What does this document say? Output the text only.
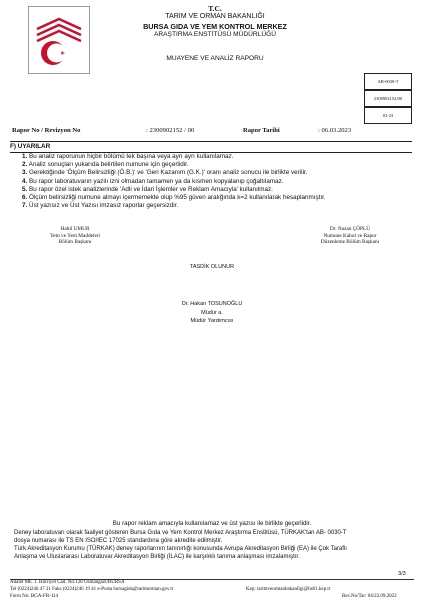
T.C.
TARIM VE ORMAN BAKANLIĞI
BURSA GIDA VE YEM KONTROL MERKEZ
ARAŞTIRMA ENSTİTÜSÜ MÜDÜRLÜĞÜ
MUAYENE VE ANALİZ RAPORU
AB-0030-T
2300902152/00
03-23
Rapor No / Revizyon No	: 2300902152 / 00	Rapor Tarihi	: 06.03.2023
F) UYARILAR
1. Bu analiz raporunun hiçbir bölümü tek başına veya ayrı ayrı kullanılamaz.
2. Analiz sonuçları yukarıda belirtilen numune için geçerlidir.
3. Gerektiğinde 'Ölçüm Belirsizliği (Ö.B.)' ve 'Geri Kazanım (G.K.)' oranı analiz sonucu ile birlikte verilir.
4. Bu rapor laboratuvarın yazılı izni olmadan tamamen ya da kısmen kopyalanıp çoğaltılamaz.
5. Bu rapor özel istek analizlerinde 'Adli ve İdari İşlemler ve Reklam Amacıyla' kullanılmaz.
6. Ölçüm belirsizliği numune almayı içermemekte olup %95 güven aralığında k=2 kullanılarak hesaplanmıştır.
7. Üst yazısız ve Üst Yazısı imzasız raporlar geçersizdir.
Habil UMUR
Yem ve Yem Maddeleri
Bölüm Başkanı
Dr. Nazan ÇÖPLÜ
Numune Kabul ve Rapor
Düzenleme Bölüm Başkanı
TASDİK OLUNUR
Dr. Hakan TOSUNOĞLU
Müdür a.
Müdür Yardımcısı
Bu rapor reklam amacıyla kullanılamaz ve üst yazısı ile birlikte geçerlidir.
Deney laboratuvarı olarak faaliyet gösteren Bursa Gıda ve Yem Kontrol Merkez Araştırma Enstitüsü, TÜRKAK'tan AB- 0030-T
dosya numarası ile TS EN ISO/IEC 17025 standardına göre akredite edilmiştir.
Türk Akreditasyon Kurumu (TÜRKAK) deney raporlarının tanınırlığı konusunda Avrupa Akreditasyon Birliği (EA) ile Çok Taraflı
Anlaşma ve Uluslararası Laboratuvar Akreditasyon Birliği (ILAC) ile karşılıklı tanıma anlaşması imzalamıştır.
3/3
Adalet Mh. 1. Hürriyet Cad. No:128 Osmangazi/BURSA
Tel (0224)246 47 21 Faks (0224)246 19 41 e-Posta bursagida@tarimorman.gov.tr	Kep: tarimveormanbakanligi@hs01.kep.tr
Form No: BGA-FR-114	Rev.No/Tar: 04/22.09.2022
